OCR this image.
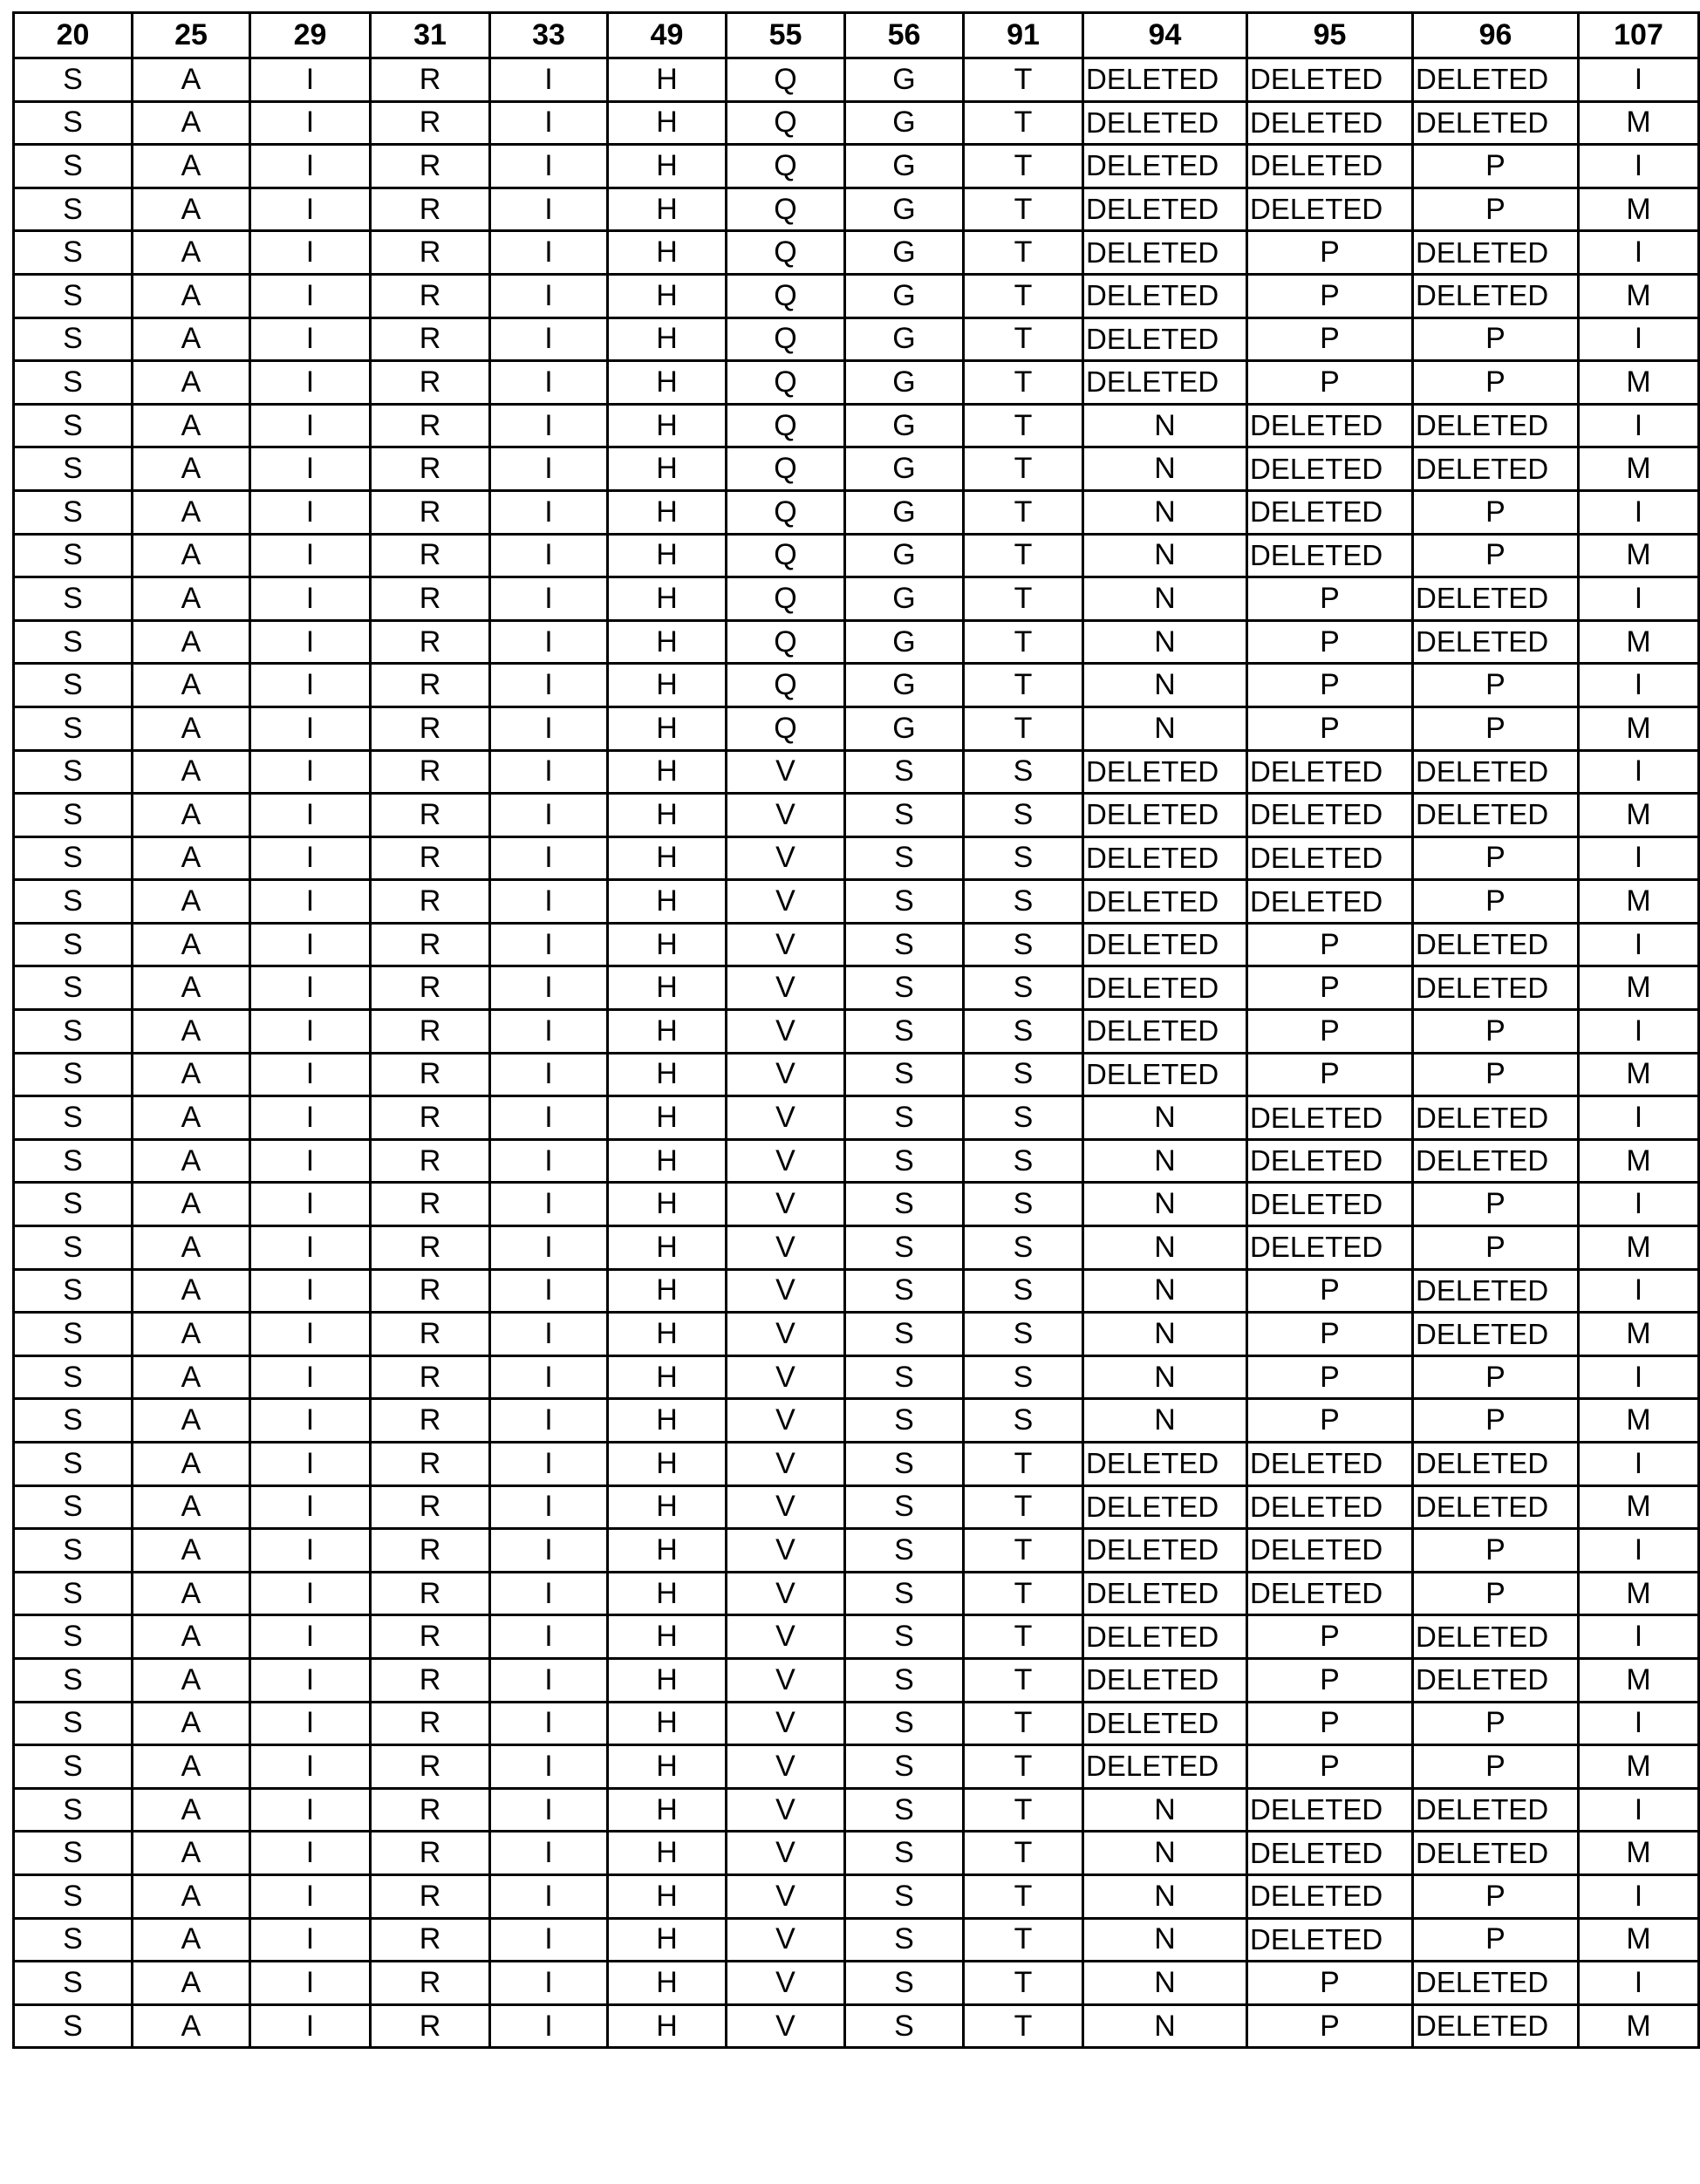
20	25	29	31	33	49	55	56	91	94	95	96	107
S	A	I	R	I	H	Q	G	T	DELETED	DELETED	DELETED	I
S	A	I	R	I	H	Q	G	T	DELETED	DELETED	DELETED	M
S	A	I	R	I	H	Q	G	T	DELETED	DELETED	P	I
S	A	I	R	I	H	Q	G	T	DELETED	DELETED	P	M
S	A	I	R	I	H	Q	G	T	DELETED	P	DELETED	I
S	A	I	R	I	H	Q	G	T	DELETED	P	DELETED	M
S	A	I	R	I	H	Q	G	T	DELETED	P	P	I
S	A	I	R	I	H	Q	G	T	DELETED	P	P	M
S	A	I	R	I	H	Q	G	T	N	DELETED	DELETED	I
S	A	I	R	I	H	Q	G	T	N	DELETED	DELETED	M
S	A	I	R	I	H	Q	G	T	N	DELETED	P	I
S	A	I	R	I	H	Q	G	T	N	DELETED	P	M
S	A	I	R	I	H	Q	G	T	N	P	DELETED	I
S	A	I	R	I	H	Q	G	T	N	P	DELETED	M
S	A	I	R	I	H	Q	G	T	N	P	P	I
S	A	I	R	I	H	Q	G	T	N	P	P	M
S	A	I	R	I	H	V	S	S	DELETED	DELETED	DELETED	I
S	A	I	R	I	H	V	S	S	DELETED	DELETED	DELETED	M
S	A	I	R	I	H	V	S	S	DELETED	DELETED	P	I
S	A	I	R	I	H	V	S	S	DELETED	DELETED	P	M
S	A	I	R	I	H	V	S	S	DELETED	P	DELETED	I
S	A	I	R	I	H	V	S	S	DELETED	P	DELETED	M
S	A	I	R	I	H	V	S	S	DELETED	P	P	I
S	A	I	R	I	H	V	S	S	DELETED	P	P	M
S	A	I	R	I	H	V	S	S	N	DELETED	DELETED	I
S	A	I	R	I	H	V	S	S	N	DELETED	DELETED	M
S	A	I	R	I	H	V	S	S	N	DELETED	P	I
S	A	I	R	I	H	V	S	S	N	DELETED	P	M
S	A	I	R	I	H	V	S	S	N	P	DELETED	I
S	A	I	R	I	H	V	S	S	N	P	DELETED	M
S	A	I	R	I	H	V	S	S	N	P	P	I
S	A	I	R	I	H	V	S	S	N	P	P	M
S	A	I	R	I	H	V	S	T	DELETED	DELETED	DELETED	I
S	A	I	R	I	H	V	S	T	DELETED	DELETED	DELETED	M
S	A	I	R	I	H	V	S	T	DELETED	DELETED	P	I
S	A	I	R	I	H	V	S	T	DELETED	DELETED	P	M
S	A	I	R	I	H	V	S	T	DELETED	P	DELETED	I
S	A	I	R	I	H	V	S	T	DELETED	P	DELETED	M
S	A	I	R	I	H	V	S	T	DELETED	P	P	I
S	A	I	R	I	H	V	S	T	DELETED	P	P	M
S	A	I	R	I	H	V	S	T	N	DELETED	DELETED	I
S	A	I	R	I	H	V	S	T	N	DELETED	DELETED	M
S	A	I	R	I	H	V	S	T	N	DELETED	P	I
S	A	I	R	I	H	V	S	T	N	DELETED	P	M
S	A	I	R	I	H	V	S	T	N	P	DELETED	I
S	A	I	R	I	H	V	S	T	N	P	DELETED	M
